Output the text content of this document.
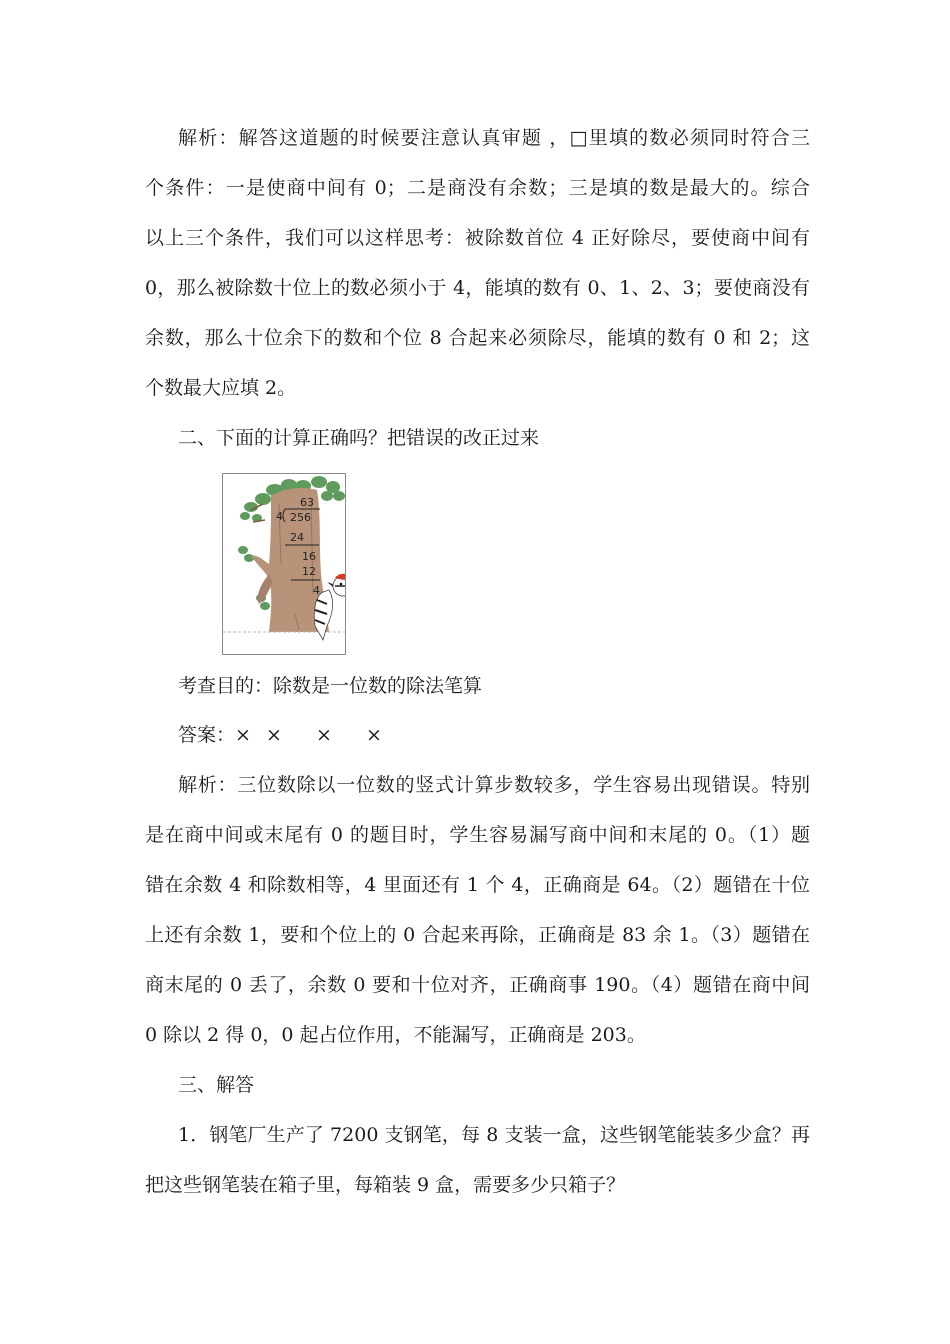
解析：解答这道题的时候要注意认真审题 ，□里填的数必须同时符合三
个条件：一是使商中间有 0；二是商没有余数；三是填的数是最大的。综合
以上三个条件，我们可以这样思考：被除数首位 4 正好除尽，要使商中间有
0，那么被除数十位上的数必须小于 4，能填的数有 0、1、2、3；要使商没有
余数，那么十位余下的数和个位 8 合起来必须除尽，能填的数有 0 和 2；这
个数最大应填 2。
二、下面的计算正确吗？把错误的改正过来
63
4 256
24
16
12
4
考查目的：除数是一位数的除法笔算
答案：× × × ×
解析：三位数除以一位数的竖式计算步数较多，学生容易出现错误。特别
是在商中间或末尾有 0 的题目时，学生容易漏写商中间和末尾的 0。（1）题
错在余数 4 和除数相等，4 里面还有 1 个 4，正确商是 64。（2）题错在十位
上还有余数 1，要和个位上的 0 合起来再除，正确商是 83 余 1。（3）题错在
商末尾的 0 丢了，余数 0 要和十位对齐，正确商事 190。（4）题错在商中间
0 除以 2 得 0，0 起占位作用，不能漏写，正确商是 203。
三、解答
1．钢笔厂生产了 7200 支钢笔，每 8 支装一盒，这些钢笔能装多少盒？再
把这些钢笔装在箱子里，每箱装 9 盒，需要多少只箱子？
